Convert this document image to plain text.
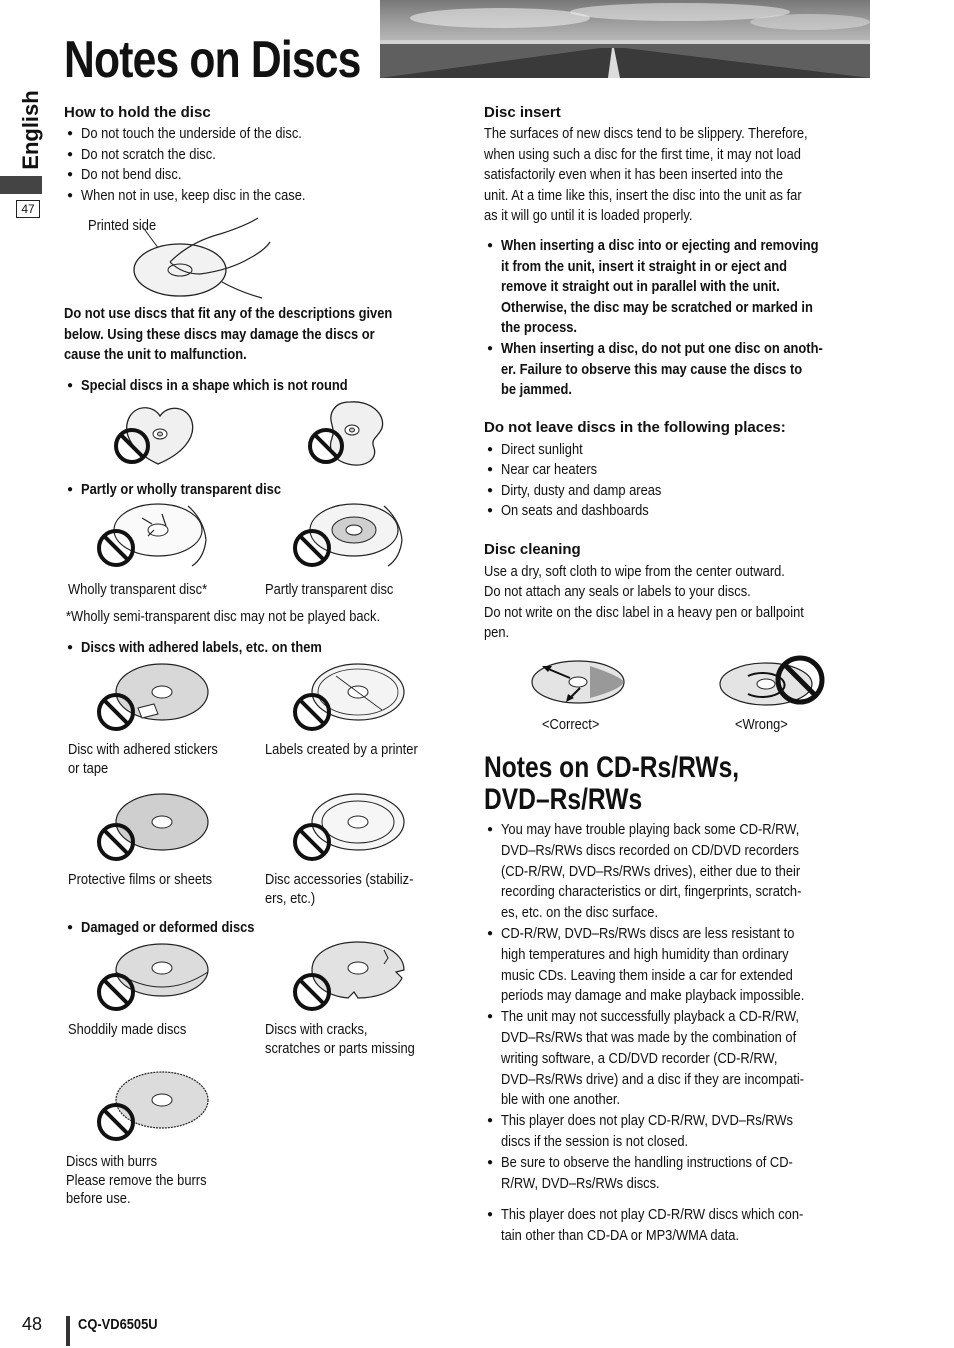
Notes on Discs
English
47
How to hold the disc
● Do not touch the underside of the disc.
● Do not scratch the disc.
● Do not bend disc.
● When not in use, keep disc in the case.
Printed side
Do not use discs that fit any of the descriptions given
below. Using these discs may damage the discs or
cause the unit to malfunction.
● Special discs in a shape which is not round
● Partly or wholly transparent disc
Wholly transparent disc*	Partly transparent disc
*Wholly semi-transparent disc may not be played back.
● Discs with adhered labels, etc. on them
Disc with adhered stickers
or tape
Labels created by a printer
Protective films or sheets	Disc accessories (stabiliz-
ers, etc.)
● Damaged or deformed discs
Shoddily made discs	Discs with cracks,
scratches or parts missing
Discs with burrs
Please remove the burrs
before use.
Disc insert
The surfaces of new discs tend to be slippery. Therefore,
when using such a disc for the first time, it may not load
satisfactorily even when it has been inserted into the
unit. At a time like this, insert the disc into the unit as far
as it will go until it is loaded properly.
● When inserting a disc into or ejecting and removing
it from the unit, insert it straight in or eject and
remove it straight out in parallel with the unit.
Otherwise, the disc may be scratched or marked in
the process.
● When inserting a disc, do not put one disc on anoth-
er. Failure to observe this may cause the discs to
be jammed.
Do not leave discs in the following places:
● Direct sunlight
● Near car heaters
● Dirty, dusty and damp areas
● On seats and dashboards
Disc cleaning
Use a dry, soft cloth to wipe from the center outward.
Do not attach any seals or labels to your discs.
Do not write on the disc label in a heavy pen or ballpoint
pen.
<Correct>	<Wrong>
Notes on CD-Rs/RWs,
DVD–Rs/RWs
● You may have trouble playing back some CD-R/RW,
DVD–Rs/RWs discs recorded on CD/DVD recorders
(CD-R/RW, DVD–Rs/RWs drives), either due to their
recording characteristics or dirt, fingerprints, scratch-
es, etc. on the disc surface.
● CD-R/RW, DVD–Rs/RWs discs are less resistant to
high temperatures and high humidity than ordinary
music CDs. Leaving them inside a car for extended
periods may damage and make playback impossible.
● The unit may not successfully playback a CD-R/RW,
DVD–Rs/RWs that was made by the combination of
writing software, a CD/DVD recorder (CD-R/RW,
DVD–Rs/RWs drive) and a disc if they are incompati-
ble with one another.
● This player does not play CD-R/RW, DVD–Rs/RWs
discs if the session is not closed.
● Be sure to observe the handling instructions of CD-
R/RW, DVD–Rs/RWs discs.
● This player does not play CD-R/RW discs which con-
tain other than CD-DA or MP3/WMA data.
48 CQ-VD6505U
